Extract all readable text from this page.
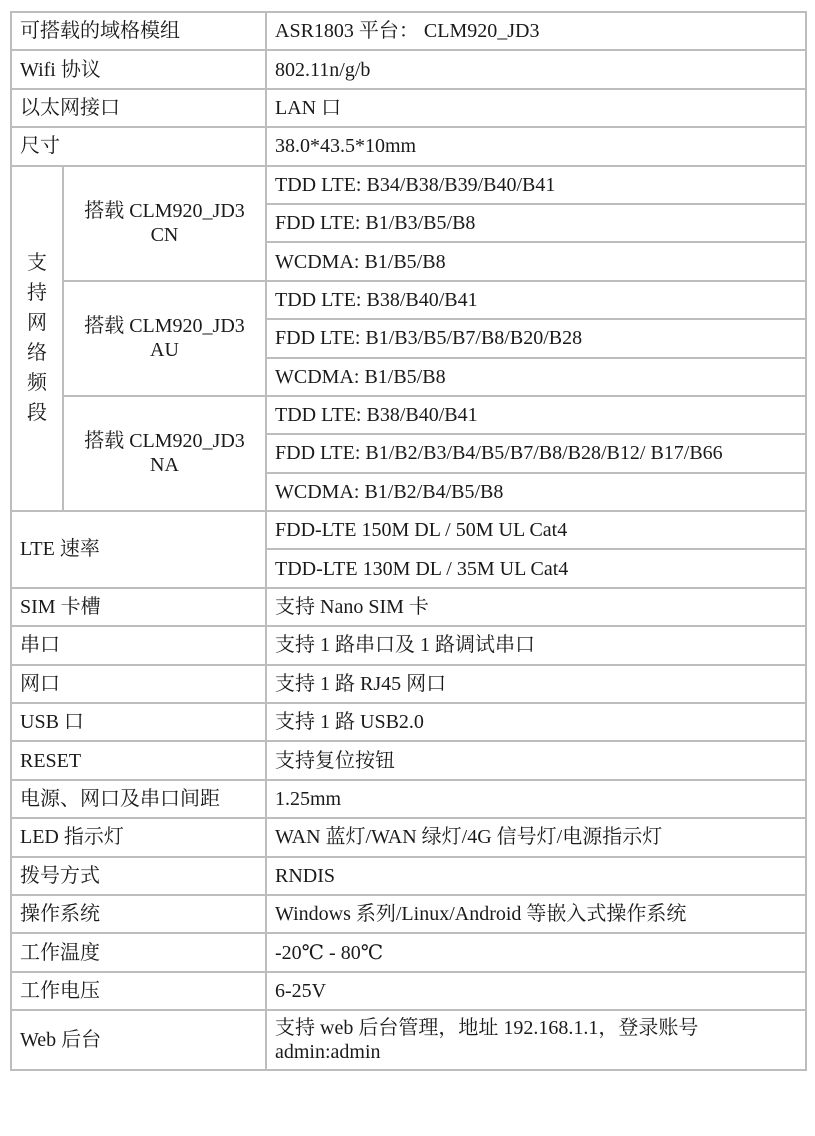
可搭载的域格模组		ASR1803 平台： CLM920_JD3
Wifi 协议		802.11n/g/b
以太网接口		LAN 口
尺寸		38.0*43.5*10mm
支持网络频段	搭载 CLM920_JD3 CN	TDD LTE: B34/B38/B39/B40/B41
		FDD LTE: B1/B3/B5/B8
		WCDMA: B1/B5/B8
	搭载 CLM920_JD3 AU	TDD LTE: B38/B40/B41
		FDD LTE: B1/B3/B5/B7/B8/B20/B28
		WCDMA: B1/B5/B8
	搭载 CLM920_JD3 NA	TDD LTE: B38/B40/B41
		FDD LTE: B1/B2/B3/B4/B5/B7/B8/B28/B12/ B17/B66
		WCDMA: B1/B2/B4/B5/B8
LTE 速率		FDD-LTE 150M DL / 50M UL Cat4
		TDD-LTE 130M DL / 35M UL Cat4
SIM 卡槽		支持 Nano SIM 卡
串口		支持 1 路串口及 1 路调试串口
网口		支持 1 路 RJ45 网口
USB 口		支持 1 路 USB2.0
RESET		支持复位按钮
电源、网口及串口间距		1.25mm
LED 指示灯		WAN 蓝灯/WAN 绿灯/4G 信号灯/电源指示灯
拨号方式		RNDIS
操作系统		Windows 系列/Linux/Android 等嵌入式操作系统
工作温度		-20℃ - 80℃
工作电压		6-25V
Web 后台		支持 web 后台管理，地址 192.168.1.1，登录账号
admin:admin
